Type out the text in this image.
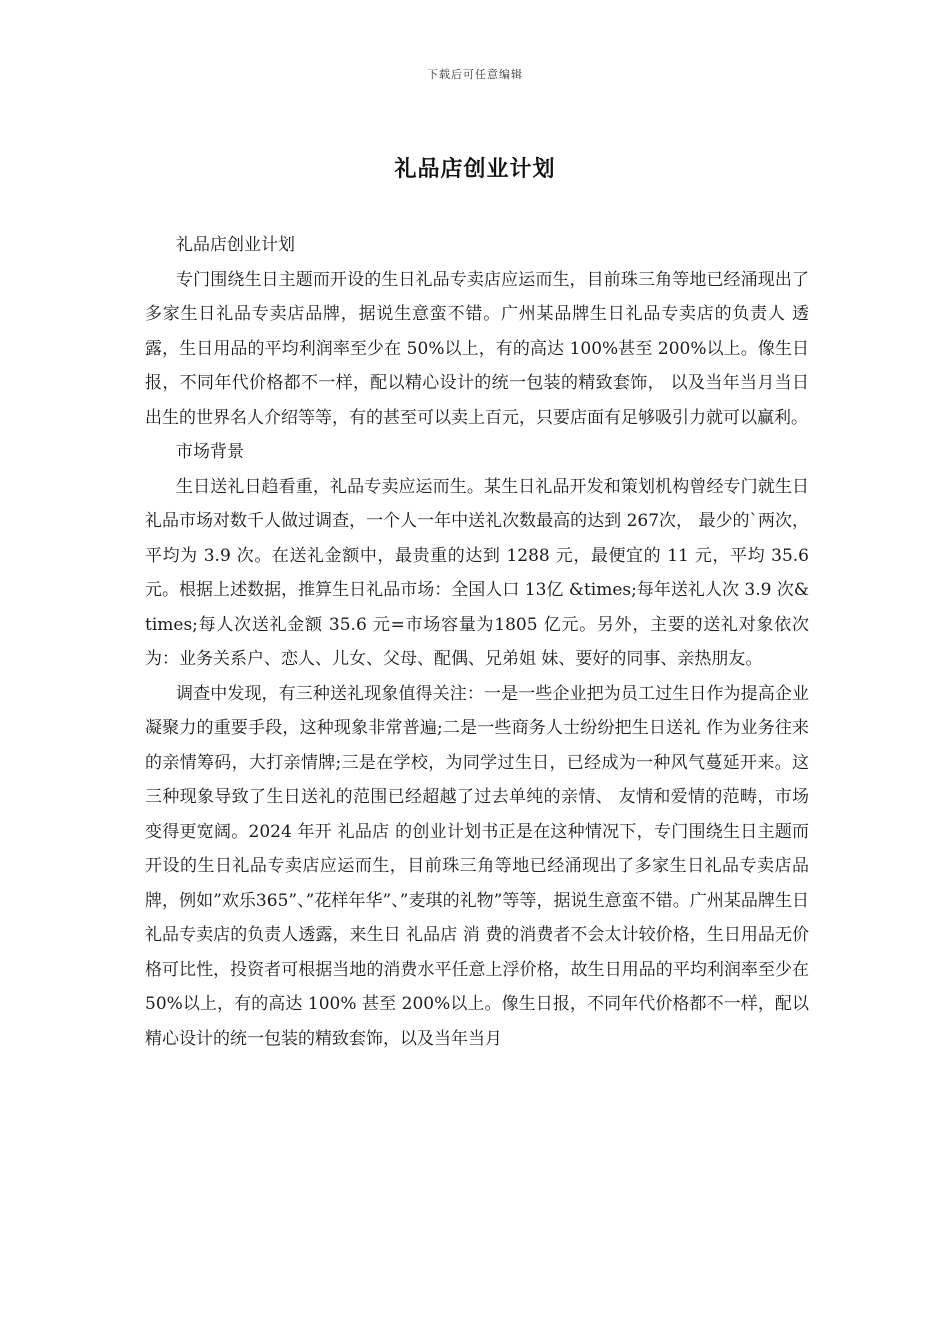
下载后可任意编辑
礼品店创业计划

礼品店创业计划

专门围绕生日主题而开设的生日礼品专卖店应运而生，目前珠三角等地已经涌现出了多家生日礼品专卖店品牌，据说生意蛮不错。广州某品牌生日礼品专卖店的负责人 透露，生日用品的平均利润率至少在 50%以上，有的高达 100%甚至 200%以上。像生日报，不同年代价格都不一样，配以精心设计的统一包装的精致套饰， 以及当年当月当日出生的世界名人介绍等等，有的甚至可以卖上百元，只要店面有足够吸引力就可以赢利。

市场背景

生日送礼日趋看重，礼品专卖应运而生。某生日礼品开发和策划机构曾经专门就生日礼品市场对数千人做过调查，一个人一年中送礼次数最高的达到 267次， 最少的`两次，平均为 3.9 次。在送礼金额中，最贵重的达到 1288 元，最便宜的 11 元，平均 35.6 元。根据上述数据，推算生日礼品市场：全国人口 13亿 &times;每年送礼人次 3.9 次&times;每人次送礼金额 35.6 元=市场容量为1805 亿元。另外，主要的送礼对象依次为：业务关系户、恋人、儿女、父母、配偶、兄弟姐 妹、要好的同事、亲热朋友。

调查中发现，有三种送礼现象值得关注：一是一些企业把为员工过生日作为提高企业凝聚力的重要手段，这种现象非常普遍;二是一些商务人士纷纷把生日送礼 作为业务往来的亲情筹码，大打亲情牌;三是在学校，为同学过生日，已经成为一种风气蔓延开来。这三种现象导致了生日送礼的范围已经超越了过去单纯的亲情、 友情和爱情的范畴，市场变得更宽阔。2024 年开 礼品店 的创业计划书正是在这种情况下，专门围绕生日主题而开设的生日礼品专卖店应运而生，目前珠三角等地已经涌现出了多家生日礼品专卖店品牌，例如”欢乐365”、”花样年华”、”麦琪的礼物”等等，据说生意蛮不错。广州某品牌生日礼品专卖店的负责人透露，来生日 礼品店 消 费的消费者不会太计较价格，生日用品无价格可比性，投资者可根据当地的消费水平任意上浮价格，故生日用品的平均利润率至少在 50%以上，有的高达 100% 甚至 200%以上。像生日报，不同年代价格都不一样，配以精心设计的统一包装的精致套饰，以及当年当月
